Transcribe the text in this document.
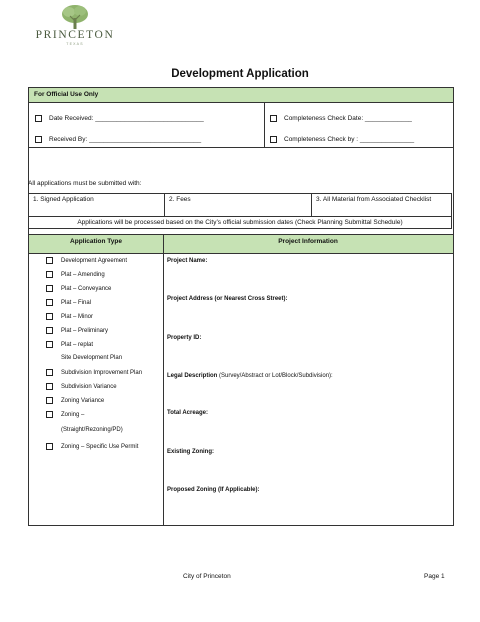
PRINCETON
TEXAS
Development Application
For Official Use Only
Date Received: ______________________________
Received By: _______________________________
Completeness Check Date: _____________
Completeness Check by : _______________
All applications must be submitted with:
1. Signed Application	2. Fees	3. All Material from Associated Checklist
Applications will be processed based on the City’s official submission dates (Check Planning Submittal Schedule)
Application Type	Project Information
Development Agreement
Plat – Amending
Plat – Conveyance
Plat – Final
Plat – Minor
Plat – Preliminary
Plat – replat
Site Development Plan
Subdivision Improvement Plan
Subdivision Variance
Zoning Variance
Zoning –
(Straight/Rezoning/PD)
Zoning – Specific Use Permit
Project Name:
Project Address (or Nearest Cross Street):
Property ID:
Legal Description (Survey/Abstract or Lot/Block/Subdivision):
Total Acreage:
Existing Zoning:
Proposed Zoning (If Applicable):
City of Princeton	Page 1
